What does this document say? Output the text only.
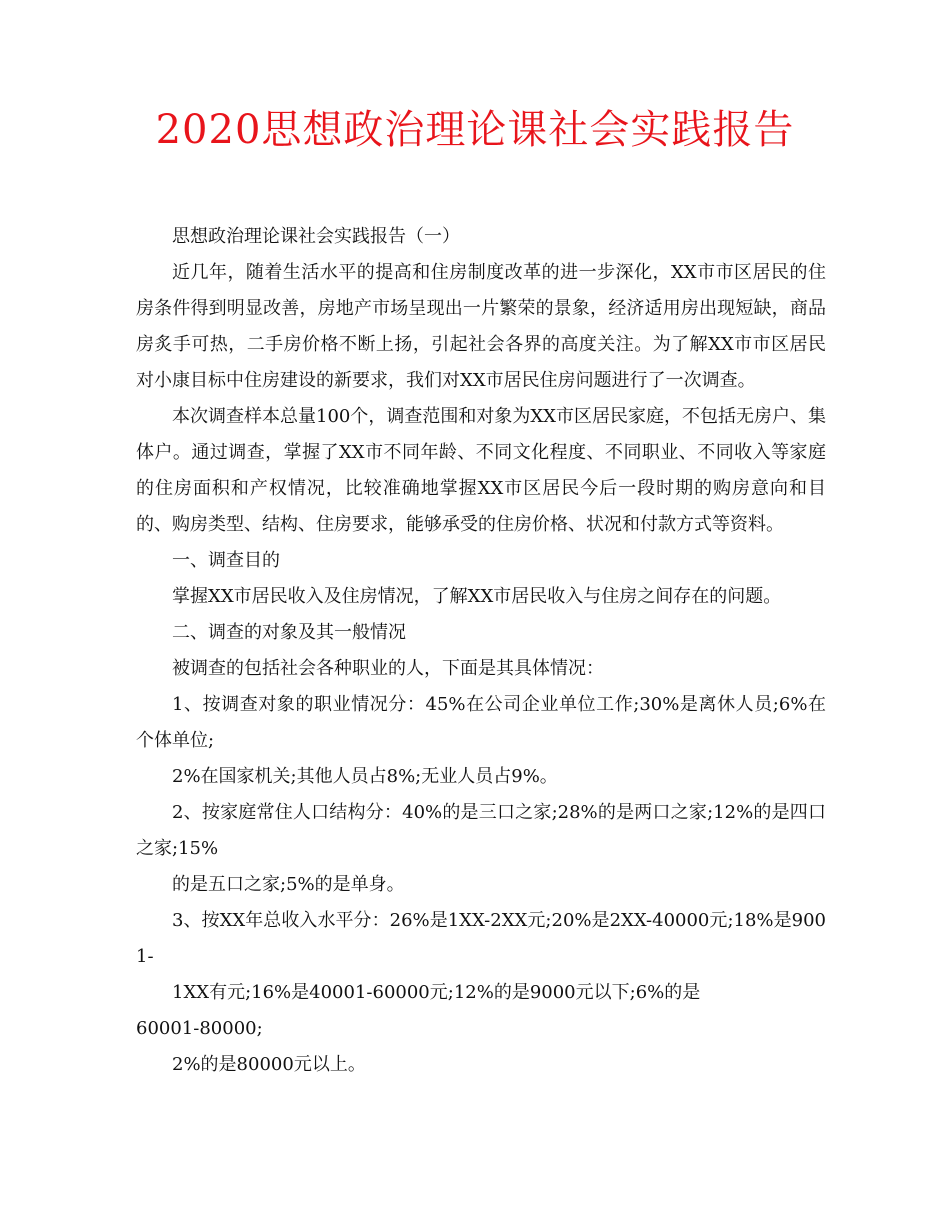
2020思想政治理论课社会实践报告

思想政治理论课社会实践报告（一）

近几年，随着生活水平的提高和住房制度改革的进一步深化，XX市市区居民的住房条件得到明显改善，房地产市场呈现出一片繁荣的景象，经济适用房出现短缺，商品房炙手可热，二手房价格不断上扬，引起社会各界的高度关注。为了解XX市市区居民对小康目标中住房建设的新要求，我们对XX市居民住房问题进行了一次调查。

本次调查样本总量100个，调查范围和对象为XX市区居民家庭，不包括无房户、集体户。通过调查，掌握了XX市不同年龄、不同文化程度、不同职业、不同收入等家庭的住房面积和产权情况，比较准确地掌握XX市区居民今后一段时期的购房意向和目的、购房类型、结构、住房要求，能够承受的住房价格、状况和付款方式等资料。

一、调查目的

掌握XX市居民收入及住房情况，了解XX市居民收入与住房之间存在的问题。

二、调查的对象及其一般情况

被调查的包括社会各种职业的人，下面是其具体情况：

1、按调查对象的职业情况分：45%在公司企业单位工作;30%是离休人员;6%在个体单位;

2%在国家机关;其他人员占8%;无业人员占9%。

2、按家庭常住人口结构分：40%的是三口之家;28%的是两口之家;12%的是四口之家;15%

的是五口之家;5%的是单身。

3、按XX年总收入水平分：26%是1XX-2XX元;20%是2XX-40000元;18%是9001-

1XX有元;16%是40001-60000元;12%的是9000元以下;6%的是

60001-80000;

2%的是80000元以上。
